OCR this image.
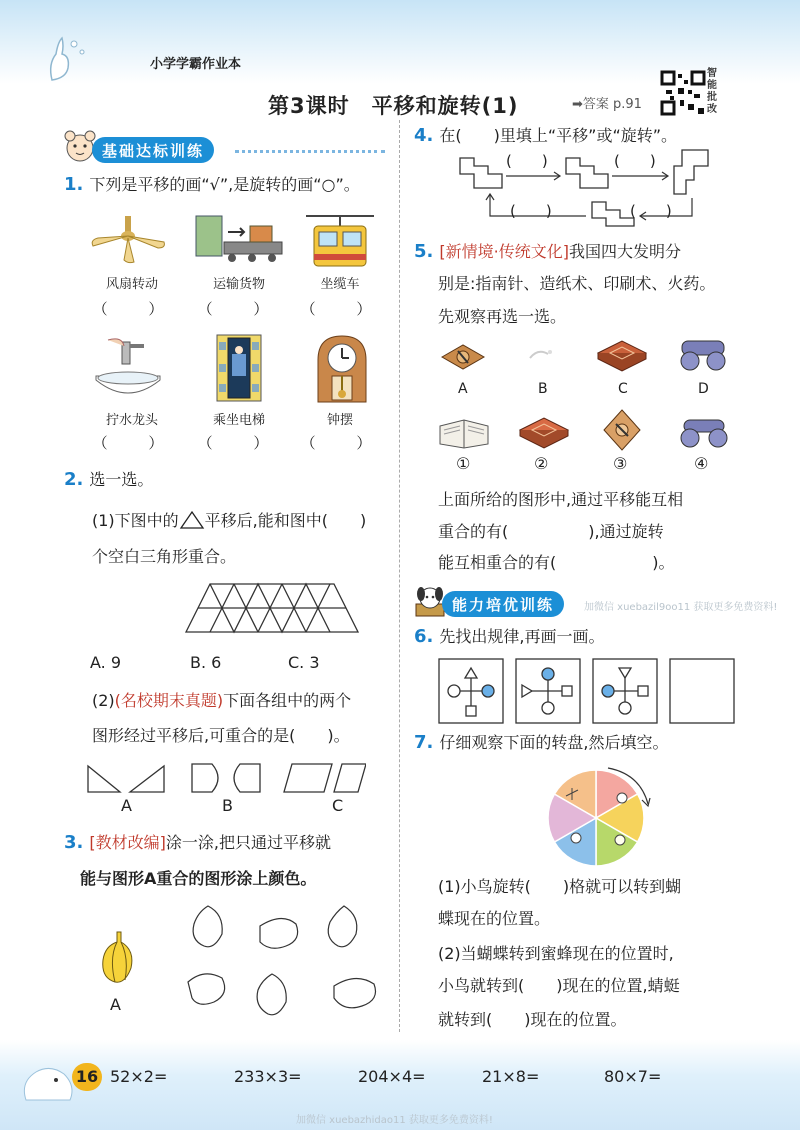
小学学霸作业本
第3课时　平移和旋转(1)	➡答案 p.91
智能批改
基础达标训练
1. 下列是平移的画“√”,是旋转的画“○”。
风扇转动	运输货物	坐缆车
（ ） （ ） （ ）
拧水龙头	乘坐电梯	钟摆
（ ） （ ） （ ）
2. 选一选。
(1)下图中的 平移后,能和图中(　　)
个空白三角形重合。
A. 9	B. 6	C. 3
(2)(名校期末真题)下面各组中的两个
图形经过平移后,可重合的是(　　)。
A	B	C
3. [教材改编]涂一涂,把只通过平移就
能与图形A重合的图形涂上颜色。
A
4. 在(　　)里填上“平移”或“旋转”。
(　　)	(　　)
(　　)	(　　)
5. [新情境·传统文化]我国四大发明分
别是:指南针、造纸术、印刷术、火药。
先观察再选一选。
A	B	C	D
①	②	③	④
上面所给的图形中,通过平移能互相
重合的有(　　　　　),通过旋转
能互相重合的有(　　　　　　)。
能力培优训练	加微信 xuebazil9oo11 获取更多免费资料!
6. 先找出规律,再画一画。
7. 仔细观察下面的转盘,然后填空。
(1)小鸟旋转(　　)格就可以转到蝴
蝶现在的位置。
(2)当蝴蝶转到蜜蜂现在的位置时,
小鸟就转到(　　)现在的位置,蜻蜓
就转到(　　)现在的位置。
16 52×2=	233×3=	204×4=	21×8=	80×7=
加微信 xuebazhidao11 获取更多免费资料!
